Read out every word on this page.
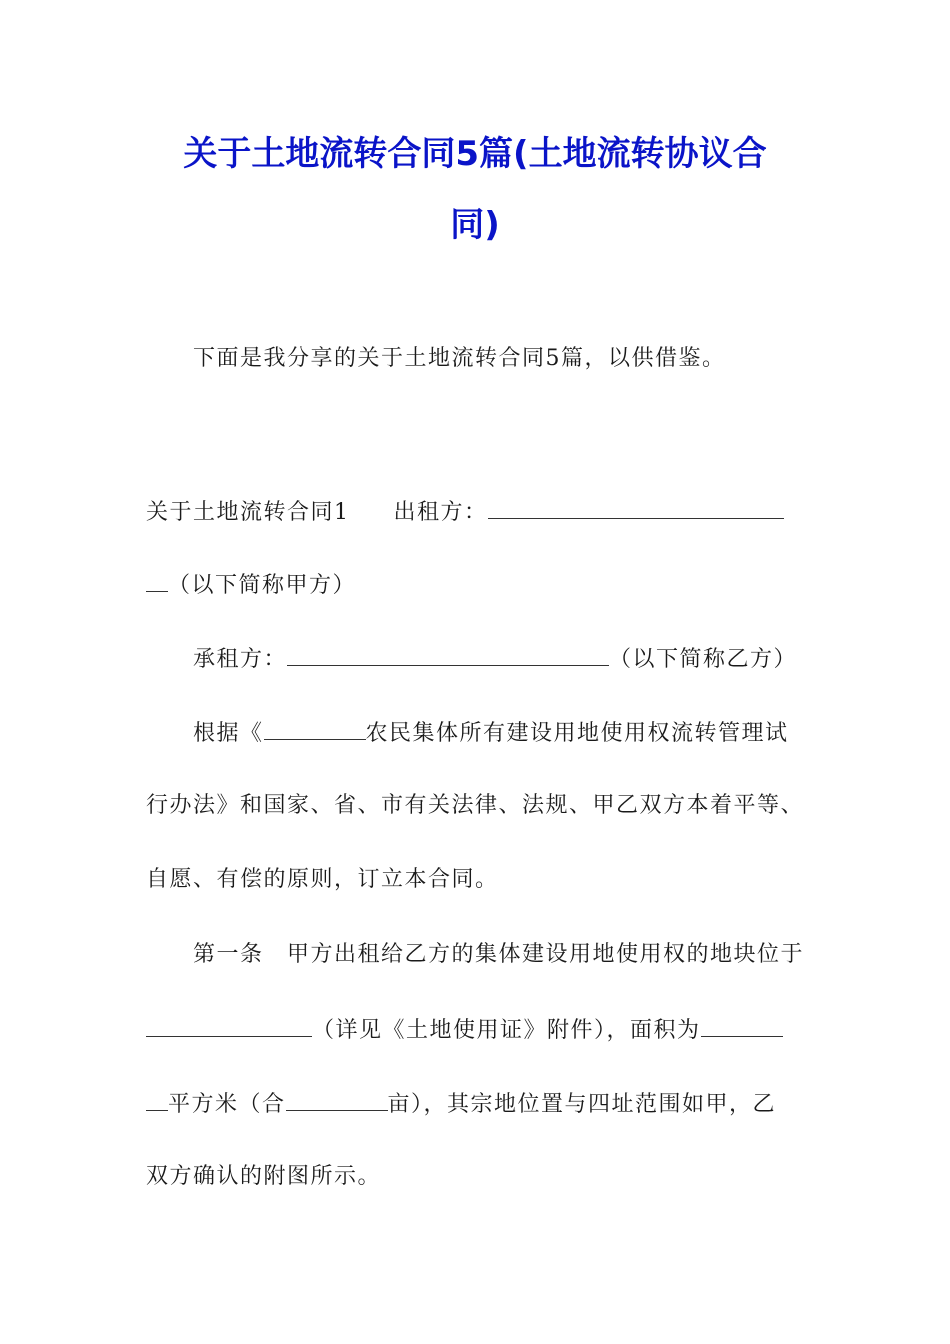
关于土地流转合同5篇(土地流转协议合
同)
下面是我分享的关于土地流转合同5篇，以供借鉴。
关于土地流转合同1 出租方：
（以下简称甲方）
承租方：	（以下简称乙方）
根据《	农民集体所有建设用地使用权流转管理试
行办法》和国家、省、市有关法律、法规、甲乙双方本着平等、
自愿、有偿的原则，订立本合同。
第一条　甲方出租给乙方的集体建设用地使用权的地块位于
（详见《土地使用证》附件），面积为
平方米（合	亩），其宗地位置与四址范围如甲，乙
双方确认的附图所示。
